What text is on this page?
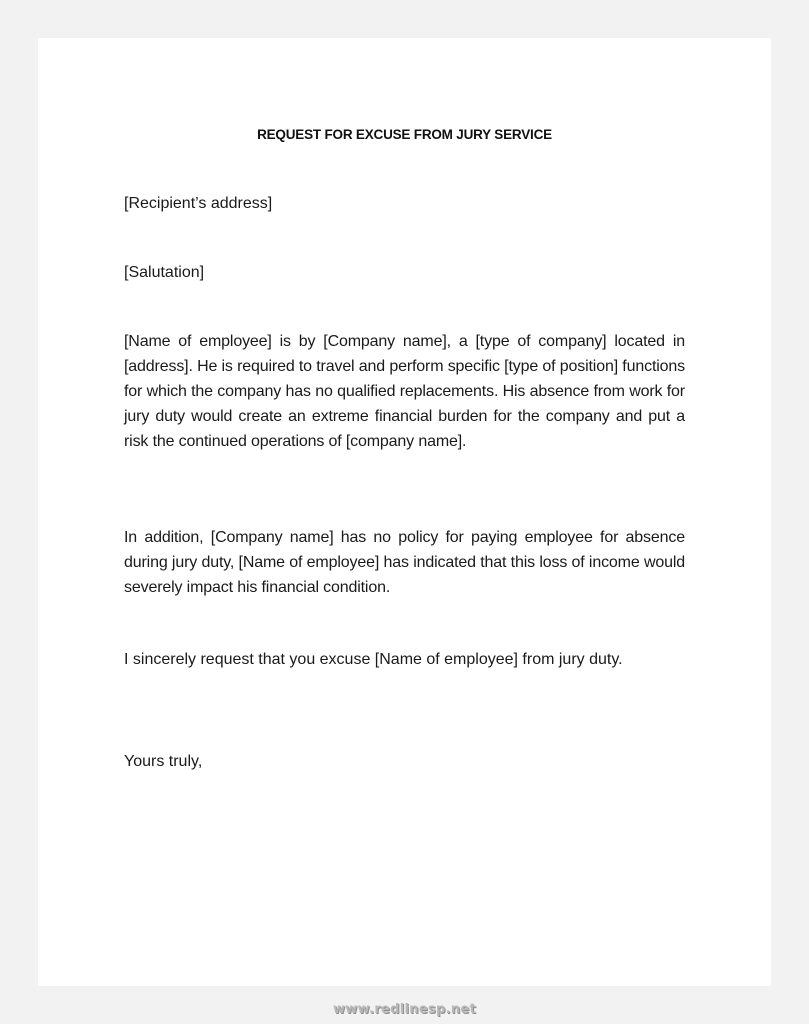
REQUEST FOR EXCUSE FROM JURY SERVICE
[Recipient’s address]
[Salutation]
[Name of employee] is by [Company name], a [type of company] located in [address]. He is required to travel and perform specific [type of position] functions for which the company has no qualified replacements. His absence from work for jury duty would create an extreme financial burden for the company and put a risk the continued operations of [company name].
In addition, [Company name] has no policy for paying employee for absence during jury duty, [Name of employee] has indicated that this loss of income would severely impact his financial condition.
I sincerely request that you excuse [Name of employee] from jury duty.
Yours truly,
www.redlinesp.net
